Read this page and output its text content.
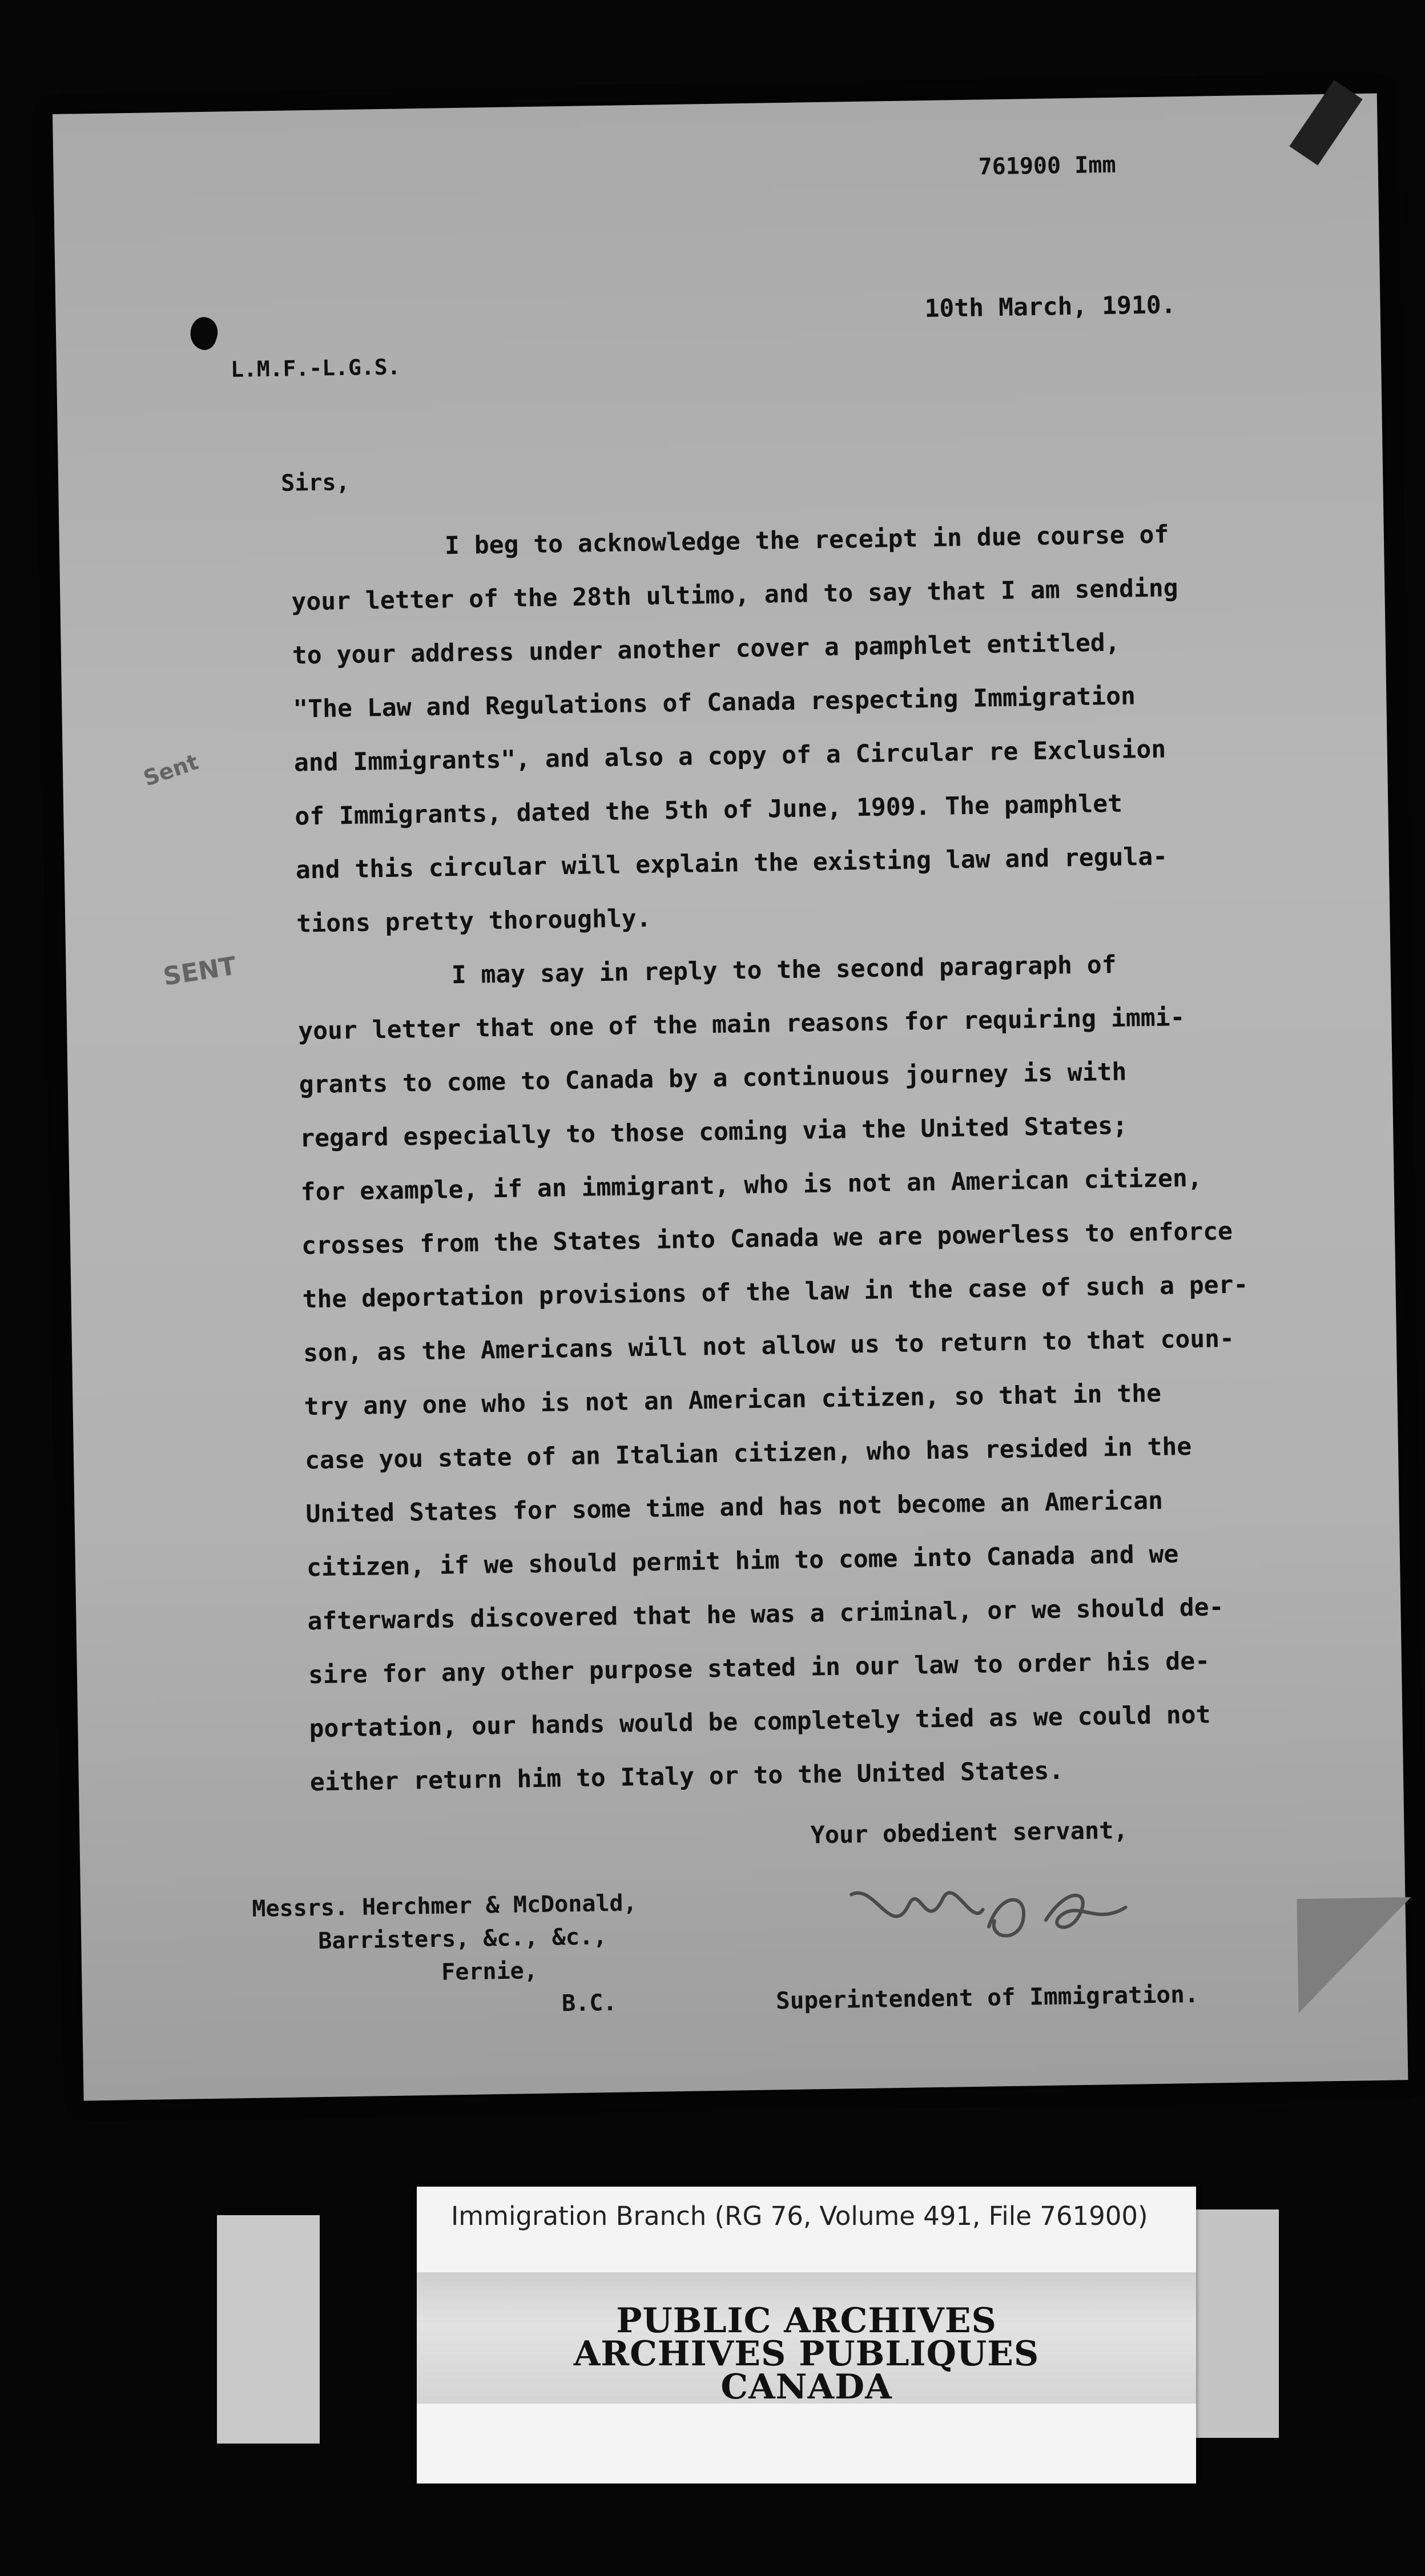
761900 Imm
10th March, 1910.
L.M.F.-L.G.S.
Sirs,
Sent
SENT
I beg to acknowledge the receipt in due course of
your letter of the 28th ultimo, and to say that I am sending
to your address under another cover a pamphlet entitled,
"The Law and Regulations of Canada respecting Immigration
and Immigrants", and also a copy of a Circular re Exclusion
of Immigrants, dated the 5th of June, 1909. The pamphlet
and this circular will explain the existing law and regula-
tions pretty thoroughly.
I may say in reply to the second paragraph of
your letter that one of the main reasons for requiring immi-
grants to come to Canada by a continuous journey is with
regard especially to those coming via the United States;
for example, if an immigrant, who is not an American citizen,
crosses from the States into Canada we are powerless to enforce
the deportation provisions of the law in the case of such a per-
son, as the Americans will not allow us to return to that coun-
try any one who is not an American citizen, so that in the
case you state of an Italian citizen, who has resided in the
United States for some time and has not become an American
citizen, if we should permit him to come into Canada and we
afterwards discovered that he was a criminal, or we should de-
sire for any other purpose stated in our law to order his de-
portation, our hands would be completely tied as we could not
either return him to Italy or to the United States.
Your obedient servant,
Messrs. Herchmer & McDonald,
Barristers, &c., &c.,
Fernie,
B.C.	Superintendent of Immigration.
Immigration Branch (RG 76, Volume 491, File 761900)
PUBLIC ARCHIVES
ARCHIVES PUBLIQUES
CANADA
